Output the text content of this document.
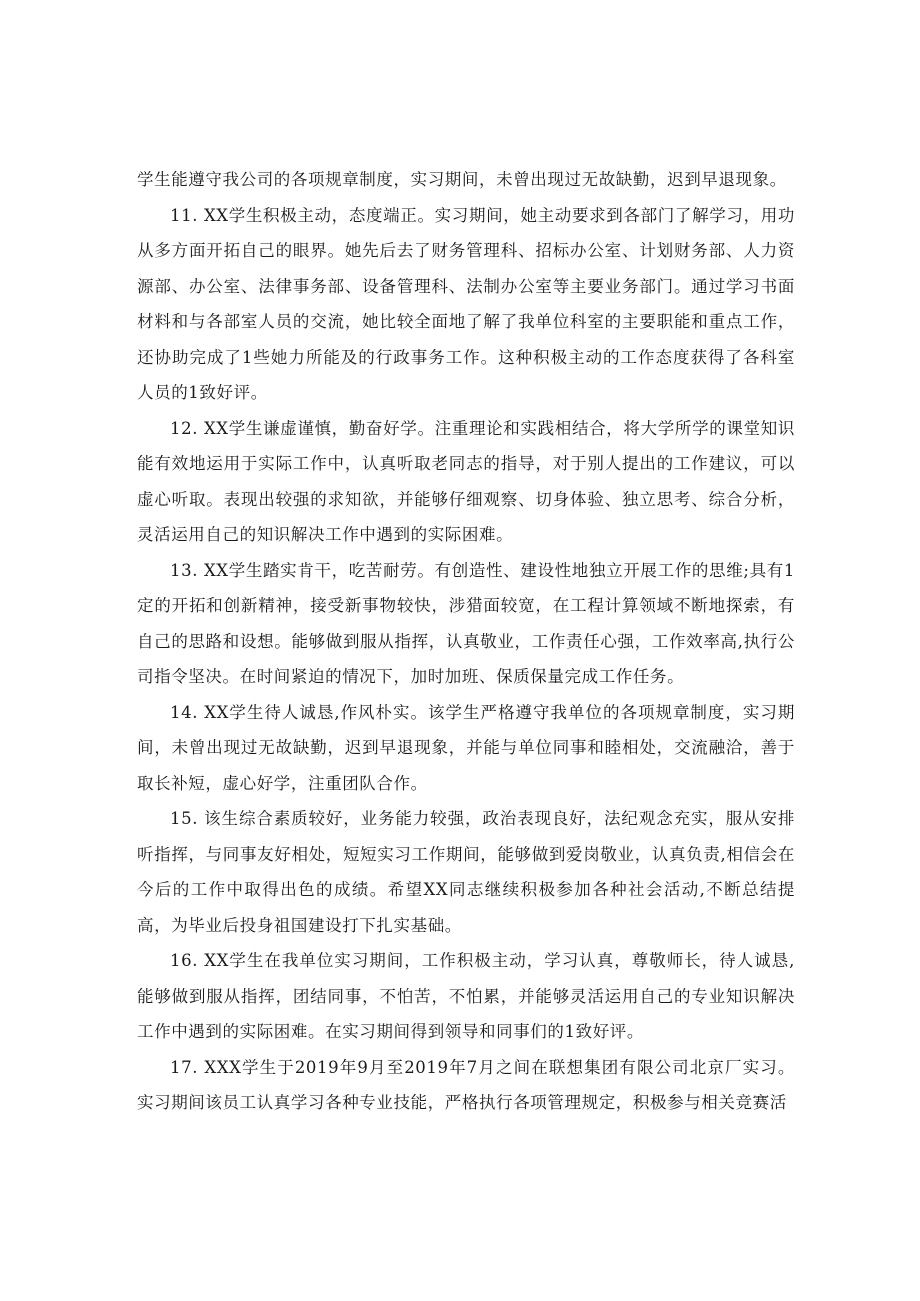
学生能遵守我公司的各项规章制度，实习期间，未曾出现过无故缺勤，迟到早退现象。

11. XX学生积极主动，态度端正。实习期间，她主动要求到各部门了解学习，用功从多方面开拓自己的眼界。她先后去了财务管理科、招标办公室、计划财务部、人力资源部、办公室、法律事务部、设备管理科、法制办公室等主要业务部门。通过学习书面材料和与各部室人员的交流，她比较全面地了解了我单位科室的主要职能和重点工作，还协助完成了1些她力所能及的行政事务工作。这种积极主动的工作态度获得了各科室人员的1致好评。

12. XX学生谦虚谨慎，勤奋好学。注重理论和实践相结合，将大学所学的课堂知识能有效地运用于实际工作中，认真听取老同志的指导，对于别人提出的工作建议，可以虚心听取。表现出较强的求知欲，并能够仔细观察、切身体验、独立思考、综合分析，灵活运用自己的知识解决工作中遇到的实际困难。

13. XX学生踏实肯干，吃苦耐劳。有创造性、建设性地独立开展工作的思维;具有1定的开拓和创新精神，接受新事物较快，涉猎面较宽，在工程计算领域不断地探索，有自己的思路和设想。能够做到服从指挥，认真敬业，工作责任心强，工作效率高,执行公司指令坚决。在时间紧迫的情况下，加时加班、保质保量完成工作任务。

14. XX学生待人诚恳,作风朴实。该学生严格遵守我单位的各项规章制度，实习期间，未曾出现过无故缺勤，迟到早退现象，并能与单位同事和睦相处，交流融洽，善于取长补短，虚心好学，注重团队合作。

15. 该生综合素质较好，业务能力较强，政治表现良好，法纪观念充实，服从安排听指挥，与同事友好相处，短短实习工作期间，能够做到爱岗敬业，认真负责,相信会在今后的工作中取得出色的成绩。希望XX同志继续积极参加各种社会活动,不断总结提高，为毕业后投身祖国建设打下扎实基础。

16. XX学生在我单位实习期间，工作积极主动，学习认真，尊敬师长，待人诚恳,能够做到服从指挥，团结同事，不怕苦，不怕累，并能够灵活运用自己的专业知识解决工作中遇到的实际困难。在实习期间得到领导和同事们的1致好评。

17. XXX学生于2019年9月至2019年7月之间在联想集团有限公司北京厂实习。实习期间该员工认真学习各种专业技能，严格执行各项管理规定，积极参与相关竞赛活
